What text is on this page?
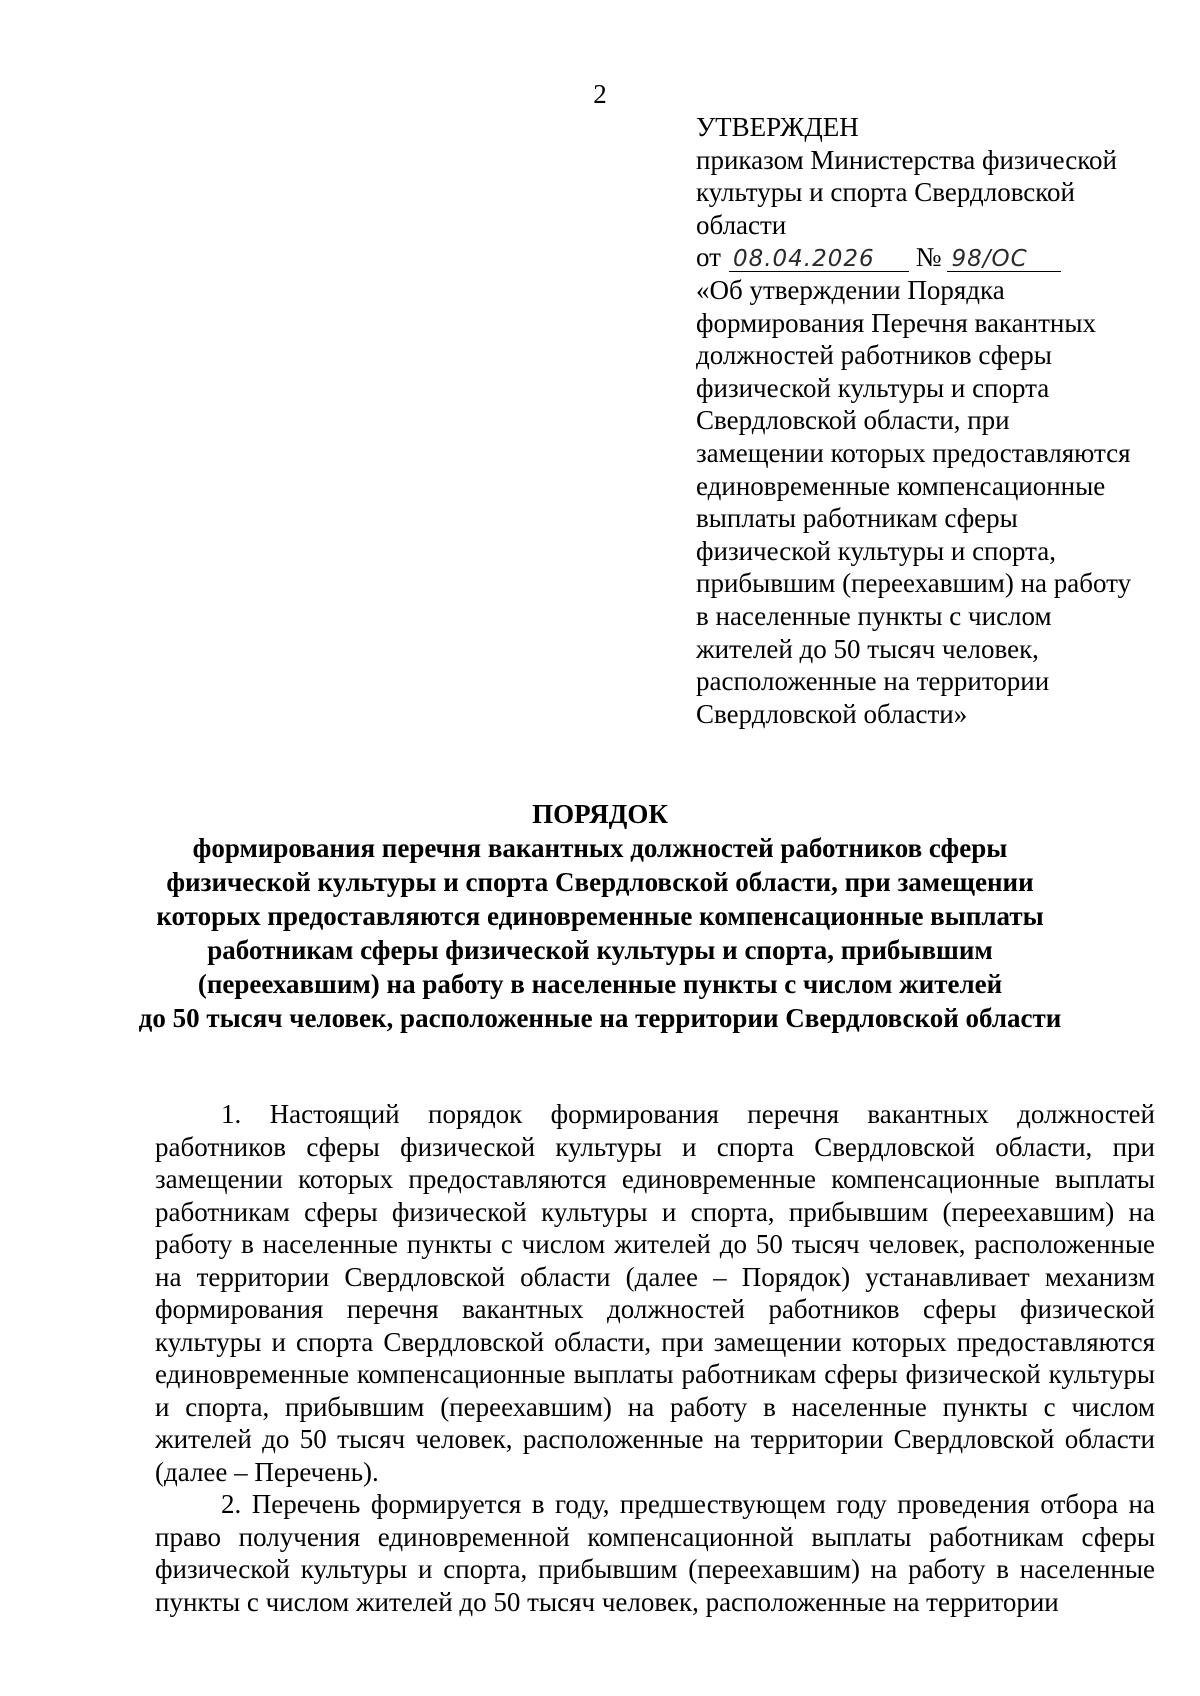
2
УТВЕРЖДЕН
приказом Министерства физической
культуры и спорта Свердловской
области
от 08.04.2026 № 98/ОС
«Об утверждении Порядка
формирования Перечня вакантных
должностей работников сферы
физической культуры и спорта
Свердловской области, при
замещении которых предоставляются
единовременные компенсационные
выплаты работникам сферы
физической культуры и спорта,
прибывшим (переехавшим) на работу
в населенные пункты с числом
жителей до 50 тысяч человек,
расположенные на территории
Свердловской области»
ПОРЯДОК
формирования перечня вакантных должностей работников сферы
физической культуры и спорта Свердловской области, при замещении
которых предоставляются единовременные компенсационные выплаты
работникам сферы физической культуры и спорта, прибывшим
(переехавшим) на работу в населенные пункты с числом жителей
до 50 тысяч человек, расположенные на территории Свердловской области

1. Настоящий порядок формирования перечня вакантных должностей работников сферы физической культуры и спорта Свердловской области, при замещении которых предоставляются единовременные компенсационные выплаты работникам сферы физической культуры и спорта, прибывшим (переехавшим) на работу в населенные пункты с числом жителей до 50 тысяч человек, расположенные на территории Свердловской области (далее – Порядок) устанавливает механизм формирования перечня вакантных должностей работников сферы физической культуры и спорта Свердловской области, при замещении которых предоставляются единовременные компенсационные выплаты работникам сферы физической культуры и спорта, прибывшим (переехавшим) на работу в населенные пункты с числом жителей до 50 тысяч человек, расположенные на территории Свердловской области (далее – Перечень).

2. Перечень формируется в году, предшествующем году проведения отбора на право получения единовременной компенсационной выплаты работникам сферы физической культуры и спорта, прибывшим (переехавшим) на работу в населенные пункты с числом жителей до 50 тысяч человек, расположенные на территории
